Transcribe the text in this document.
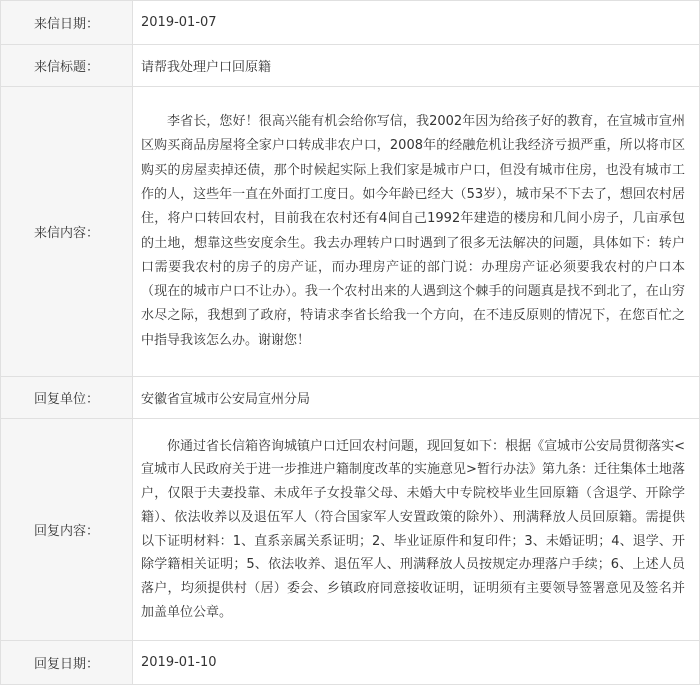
来信日期：	2019-01-07
来信标题：	请帮我处理户口回原籍
来信内容：	李省长，您好！很高兴能有机会给你写信，我2002年因为给孩子好的教育，在宣城市宣州区购买商品房屋将全家户口转成非农户口，2008年的经融危机让我经济亏损严重，所以将市区购买的房屋卖掉还债，那个时候起实际上我们家是城市户口，但没有城市住房，也没有城市工作的人，这些年一直在外面打工度日。如今年龄已经大（53岁），城市呆不下去了，想回农村居住，将户口转回农村，目前我在农村还有4间自己1992年建造的楼房和几间小房子，几亩承包的土地，想靠这些安度余生。我去办理转户口时遇到了很多无法解决的问题，具体如下：转户口需要我农村的房子的房产证，而办理房产证的部门说：办理房产证必须要我农村的户口本（现在的城市户口不让办）。我一个农村出来的人遇到这个棘手的问题真是找不到北了，在山穷水尽之际，我想到了政府，特请求李省长给我一个方向，在不违反原则的情况下，在您百忙之中指导我该怎么办。谢谢您！

回复单位：	安徽省宣城市公安局宣州分局
回复内容：	你通过省长信箱咨询城镇户口迁回农村问题，现回复如下：根据《宣城市公安局贯彻落实<宣城市人民政府关于进一步推进户籍制度改革的实施意见>暂行办法》第九条：迁往集体土地落户，仅限于夫妻投靠、未成年子女投靠父母、未婚大中专院校毕业生回原籍（含退学、开除学籍）、依法收养以及退伍军人（符合国家军人安置政策的除外）、刑满释放人员回原籍。需提供以下证明材料：1、直系亲属关系证明；2、毕业证原件和复印件；3、未婚证明；4、退学、开除学籍相关证明；5、依法收养、退伍军人、刑满释放人员按规定办理落户手续；6、上述人员落户，均须提供村（居）委会、乡镇政府同意接收证明，证明须有主要领导签署意见及签名并加盖单位公章。

回复日期：	2019-01-10
